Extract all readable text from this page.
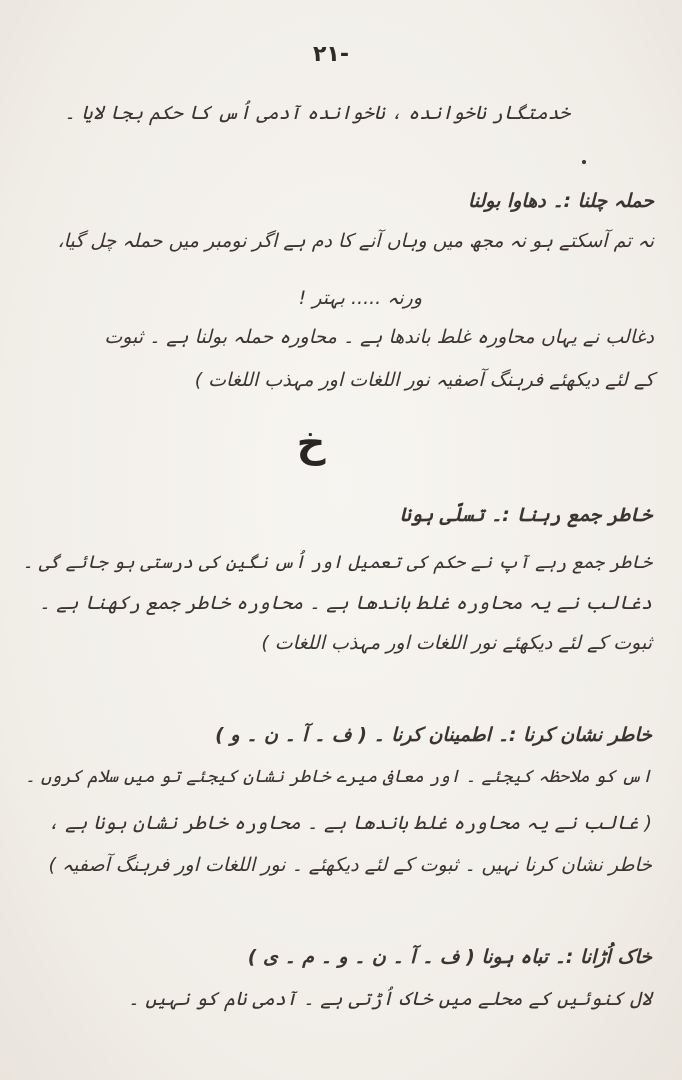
۲۱-
خدمتگار ناخوانده ، ناخوانده آدمی اُس کا حکم بجا لایا ۔
حملہ چلنا :۔ دھاوا بولنا
نہ تم آسکتے ہو نہ مجھ میں وہاں آنے کا دم ہے اگر نومبر میں حملہ چل گیا،
ورنہ ..... بہتر !
دغالب نے یہاں محاورہ غلط باندھا ہے ۔ محاورہ حملہ بولنا ہے ۔ ثبوت
کے لئے دیکھئے فرہنگ آصفیہ نور اللغات اور مہذب اللغات )
خ
خاطر جمع رہنا :۔ تسلّی ہونا
خاطر جمع رہے آپ نے حکم کی تعمیل اور اُس نگین کی درستی ہو جائے گی ۔
دغالب نے یہ محاورہ غلط باندھا ہے ۔ محاورہ خاطر جمع رکھنا ہے ۔
ثبوت کے لئے دیکھئے نور اللغات اور مہذب اللغات )
خاطر نشان کرنا :۔ اطمینان کرنا ۔ ( ف ۔ آ ۔ ن ۔ و )
اس کو ملاحظہ کیجئے ۔ اور معافی میرے خاطر نشان کیجئے تو میں سلام کروں ۔
( غالب نے یہ محاورہ غلط باندھا ہے ۔ محاورہ خاطر نشان ہونا ہے ،
خاطر نشان کرنا نہیں ۔ ثبوت کے لئے دیکھئے ۔ نور اللغات اور فرہنگ آصفیہ )
خاک اُڑانا :۔ تباہ ہونا ( ف ۔ آ ۔ ن ۔ و ۔ م ۔ ی )
لال کنوئیں کے محلے میں خاک اُڑتی ہے ۔ آدمی نام کو نہیں ۔
